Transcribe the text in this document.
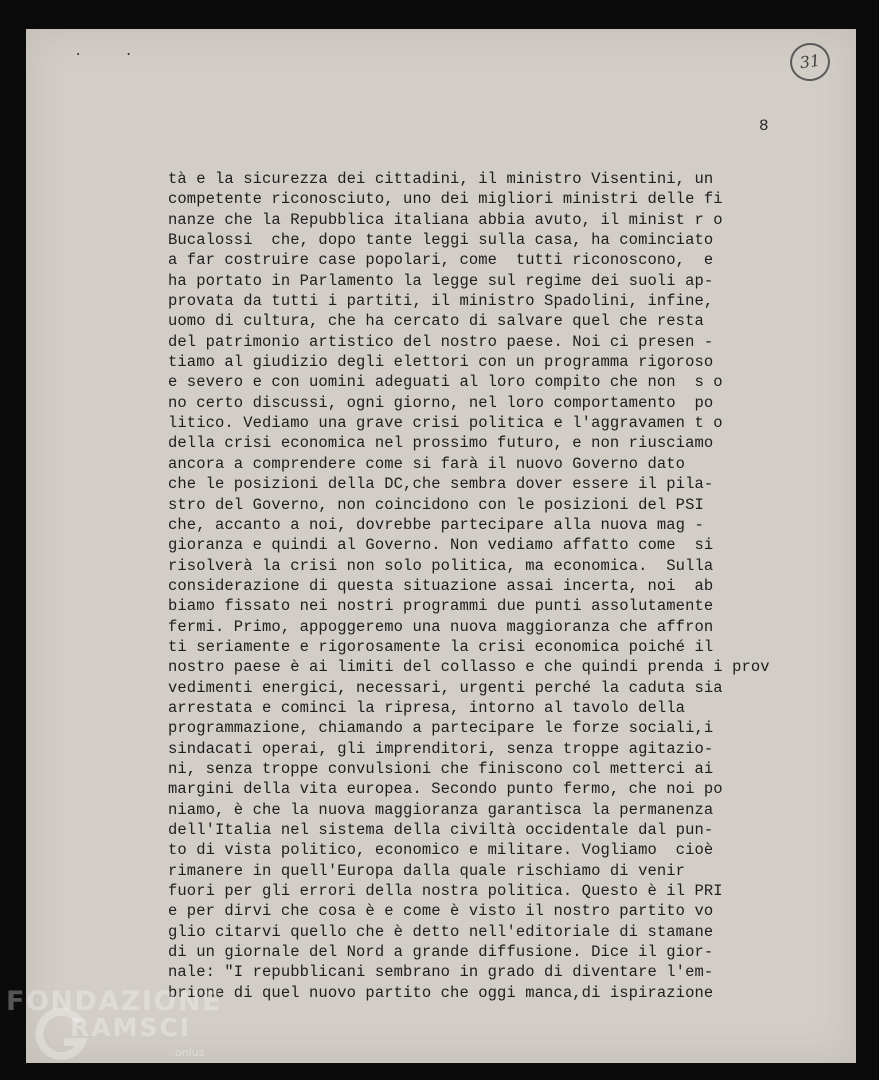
··	31
8
tà e la sicurezza dei cittadini, il ministro Visentini, un
competente riconosciuto, uno dei migliori ministri delle fi
nanze che la Repubblica italiana abbia avuto, il minist r o
Bucalossi  che, dopo tante leggi sulla casa, ha cominciato
a far costruire case popolari, come  tutti riconoscono,  e
ha portato in Parlamento la legge sul regime dei suoli ap-
provata da tutti i partiti, il ministro Spadolini, infine,
uomo di cultura, che ha cercato di salvare quel che resta
del patrimonio artistico del nostro paese. Noi ci presen -
tiamo al giudizio degli elettori con un programma rigoroso
e severo e con uomini adeguati al loro compito che non  s o
no certo discussi, ogni giorno, nel loro comportamento  po
litico. Vediamo una grave crisi politica e l'aggravamen t o
della crisi economica nel prossimo futuro, e non riusciamo
ancora a comprendere come si farà il nuovo Governo dato
che le posizioni della DC,che sembra dover essere il pila-
stro del Governo, non coincidono con le posizioni del PSI
che, accanto a noi, dovrebbe partecipare alla nuova mag -
gioranza e quindi al Governo. Non vediamo affatto come  si
risolverà la crisi non solo politica, ma economica.  Sulla
considerazione di questa situazione assai incerta, noi  ab
biamo fissato nei nostri programmi due punti assolutamente
fermi. Primo, appoggeremo una nuova maggioranza che affron
ti seriamente e rigorosamente la crisi economica poiché il
nostro paese è ai limiti del collasso e che quindi prenda i prov
vedimenti energici, necessari, urgenti perché la caduta sia
arrestata e cominci la ripresa, intorno al tavolo della
programmazione, chiamando a partecipare le forze sociali,i
sindacati operai, gli imprenditori, senza troppe agitazio-
ni, senza troppe convulsioni che finiscono col metterci ai
margini della vita europea. Secondo punto fermo, che noi po
niamo, è che la nuova maggioranza garantisca la permanenza
dell'Italia nel sistema della civiltà occidentale dal pun-
to di vista politico, economico e militare. Vogliamo  cioè
rimanere in quell'Europa dalla quale rischiamo di venir
fuori per gli errori della nostra politica. Questo è il PRI
e per dirvi che cosa è e come è visto il nostro partito vo
glio citarvi quello che è detto nell'editoriale di stamane
di un giornale del Nord a grande diffusione. Dice il gior-
nale: "I repubblicani sembrano in grado di diventare l'em-
brione di quel nuovo partito che oggi manca,di ispirazione
FONDAZIONE
RAMSCI
onlus
